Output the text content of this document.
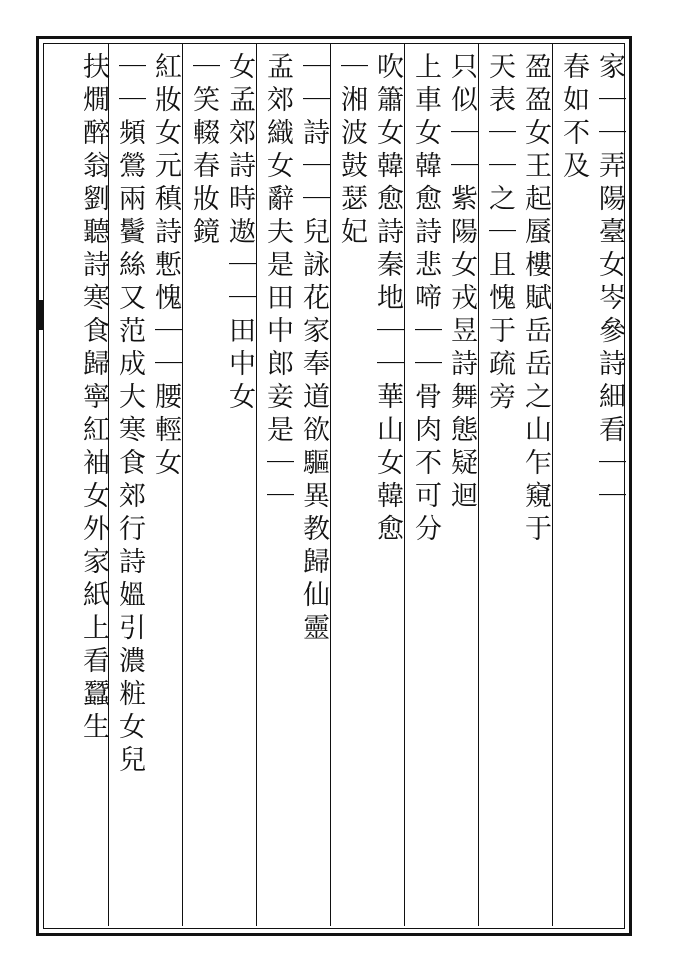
家｜｜弄陽臺女岑參詩細看｜｜
春如不及
盈盈女王起蜃樓賦岳岳之山乍窺于
天表｜｜之｜且愧于疏旁
只似｜｜紫陽女戎昱詩舞態疑迴
上車女韓愈詩悲啼｜｜骨肉不可分
吹簫女韓愈詩秦地｜｜華山女韓愈
｜湘波鼓瑟妃
｜｜詩｜｜兒詠花家奉道欲驅異教歸仙靈
孟郊織女辭夫是田中郎妾是｜｜
女孟郊詩時遨｜｜田中女
｜笑輟春妝鏡
紅妝女元稹詩慙愧｜｜腰輕女
｜｜頻鶯兩鬢絲又范成大寒食郊行詩媼引濃粧女兒
扶燗醉翁劉聽詩寒食歸寧紅袖女外家紙上看蠶生
